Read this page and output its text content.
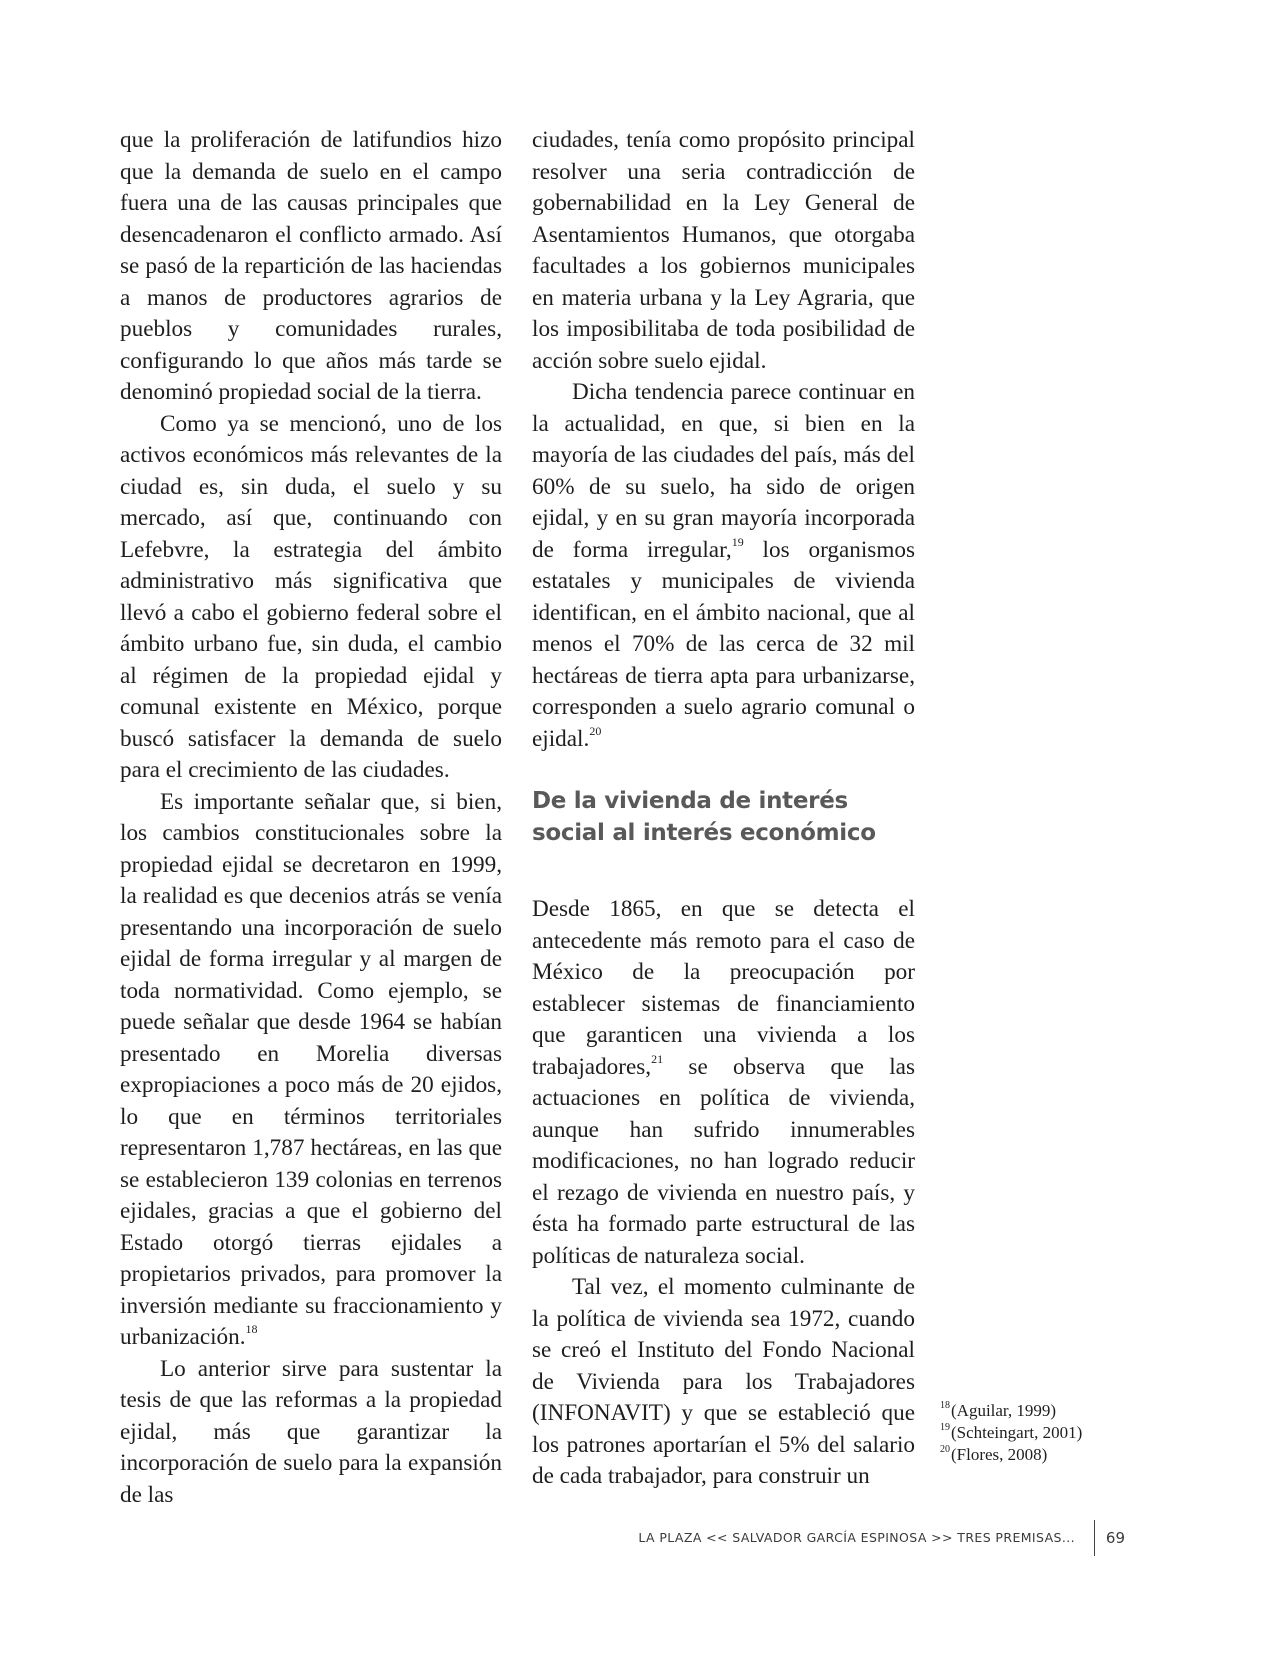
que la proliferación de latifundios hizo que la demanda de suelo en el campo fuera una de las causas principales que desencadenaron el conflicto armado. Así se pasó de la repartición de las haciendas a manos de productores agrarios de pueblos y comunidades rurales, configurando lo que años más tarde se denominó propiedad social de la tierra.

Como ya se mencionó, uno de los activos económicos más relevantes de la ciudad es, sin duda, el suelo y su mercado, así que, continuando con Lefebvre, la estrategia del ámbito administrativo más significativa que llevó a cabo el gobierno federal sobre el ámbito urbano fue, sin duda, el cambio al régimen de la propiedad ejidal y comunal existente en México, porque buscó satisfacer la demanda de suelo para el crecimiento de las ciudades.

Es importante señalar que, si bien, los cambios constitucionales sobre la propiedad ejidal se decretaron en 1999, la realidad es que decenios atrás se venía presentando una incorporación de suelo ejidal de forma irregular y al margen de toda normatividad. Como ejemplo, se puede señalar que desde 1964 se habían presentado en Morelia diversas expropiaciones a poco más de 20 ejidos, lo que en términos territoriales representaron 1,787 hectáreas, en las que se establecieron 139 colonias en terrenos ejidales, gracias a que el gobierno del Estado otorgó tierras ejidales a propietarios privados, para promover la inversión mediante su fraccionamiento y urbanización.$^{18}$

Lo anterior sirve para sustentar la tesis de que las reformas a la propiedad ejidal, más que garantizar la incorporación de suelo para la expansión de las

ciudades, tenía como propósito principal resolver una seria contradicción de gobernabilidad en la Ley General de Asentamientos Humanos, que otorgaba facultades a los gobiernos municipales en materia urbana y la Ley Agraria, que los imposibilitaba de toda posibilidad de acción sobre suelo ejidal.

Dicha tendencia parece continuar en la actualidad, en que, si bien en la mayoría de las ciudades del país, más del 60% de su suelo, ha sido de origen ejidal, y en su gran mayoría incorporada de forma irregular,$^{19}$ los organismos estatales y municipales de vivienda identifican, en el ámbito nacional, que al menos el 70% de las cerca de 32 mil hectáreas de tierra apta para urbanizarse, corresponden a suelo agrario comunal o ejidal.$^{20}$

De la vivienda de interés
social al interés económico

Desde 1865, en que se detecta el antecedente más remoto para el caso de México de la preocupación por establecer sistemas de financiamiento que garanticen una vivienda a los trabajadores,$^{21}$ se observa que las actuaciones en política de vivienda, aunque han sufrido innumerables modificaciones, no han logrado reducir el rezago de vivienda en nuestro país, y ésta ha formado parte estructural de las políticas de naturaleza social.

Tal vez, el momento culminante de la política de vivienda sea 1972, cuando se creó el Instituto del Fondo Nacional de Vivienda para los Trabajadores (INFONAVIT) y que se estableció que los patrones aportarían el 5% del salario de cada trabajador, para construir un

$^{18}$(Aguilar, 1999)
$^{19}$(Schteingart, 2001)
$^{20}$(Flores, 2008)
LA PLAZA << SALVADOR GARCÍA ESPINOSA >> TRES PREMISAS... 69
